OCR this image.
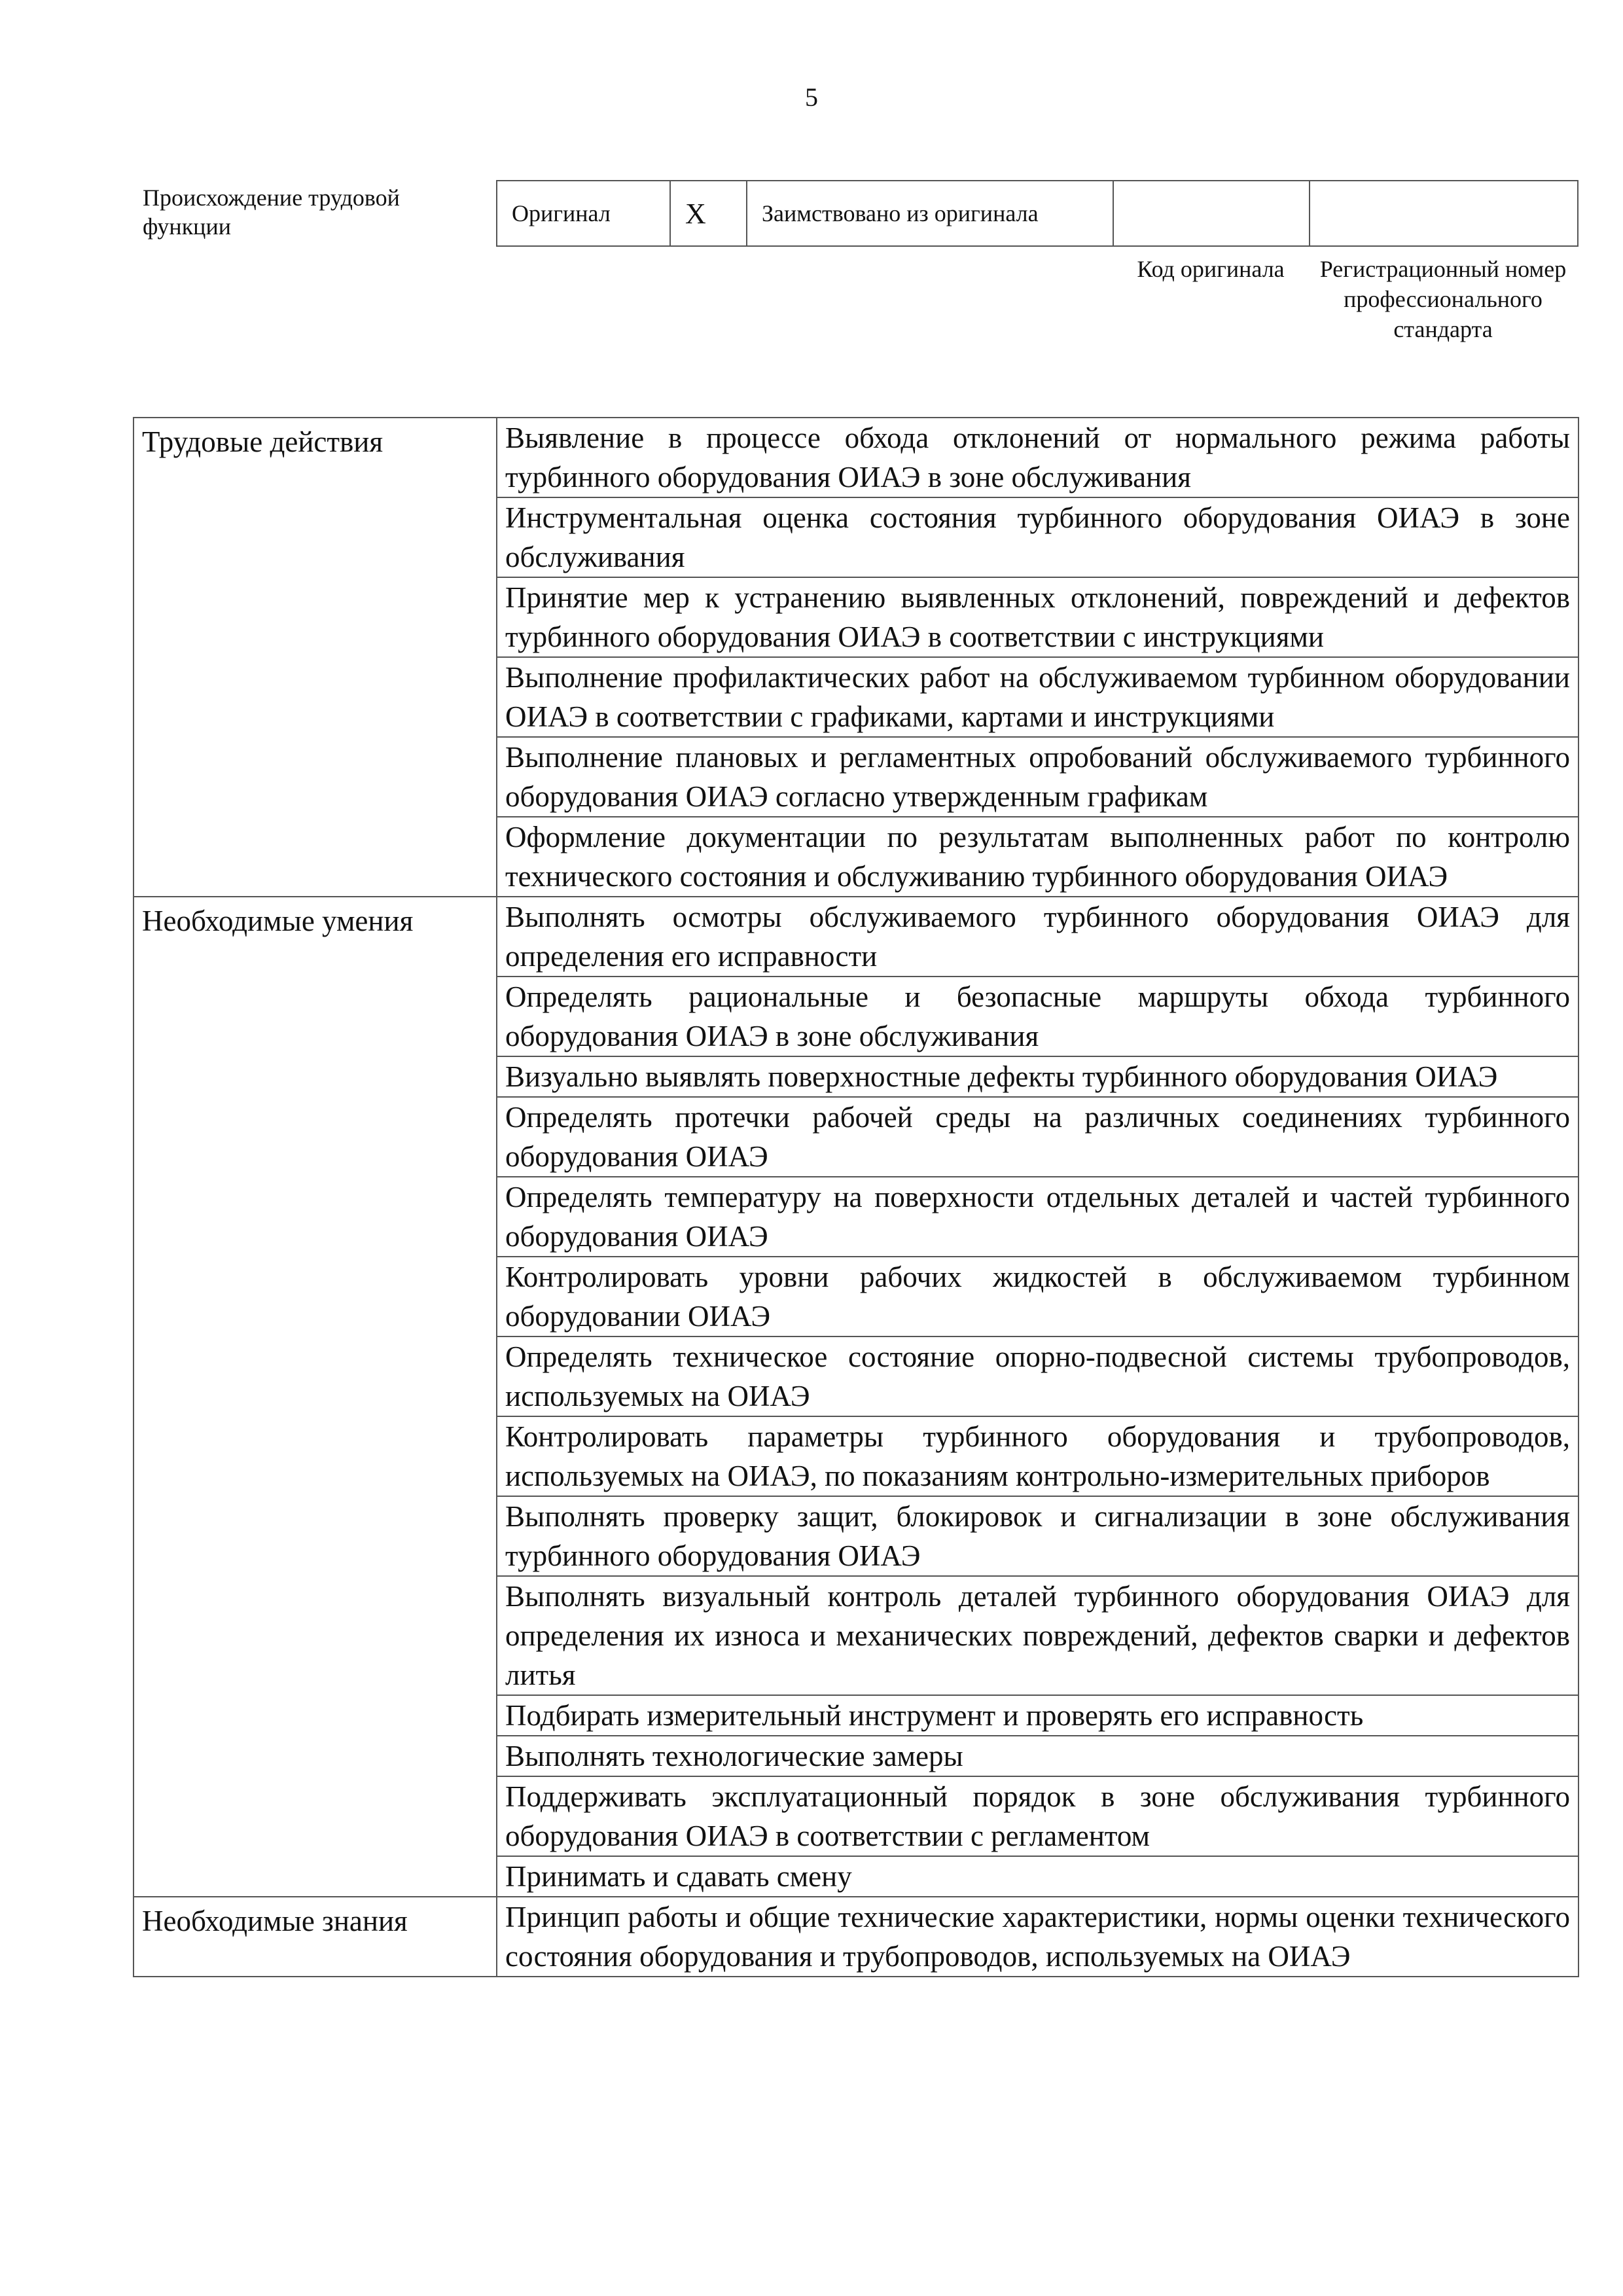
5
Происхождение трудовой функции	Оригинал	X	Заимствовано из оригинала		
Код оригинала	Регистрационный номер профессионального стандарта
Трудовые действия	Выявление в процессе обхода отклонений от нормального режима работы турбинного оборудования ОИАЭ в зоне обслуживания
	Инструментальная оценка состояния турбинного оборудования ОИАЭ в зоне обслуживания
	Принятие мер к устранению выявленных отклонений, повреждений и дефектов турбинного оборудования ОИАЭ в соответствии с инструкциями
	Выполнение профилактических работ на обслуживаемом турбинном оборудовании ОИАЭ в соответствии с графиками, картами и инструкциями
	Выполнение плановых и регламентных опробований обслуживаемого турбинного оборудования ОИАЭ согласно утвержденным графикам
	Оформление документации по результатам выполненных работ по контролю технического состояния и обслуживанию турбинного оборудования ОИАЭ
Необходимые умения	Выполнять осмотры обслуживаемого турбинного оборудования ОИАЭ для определения его исправности
	Определять рациональные и безопасные маршруты обхода турбинного оборудования ОИАЭ в зоне обслуживания
	Визуально выявлять поверхностные дефекты турбинного оборудования ОИАЭ
	Определять протечки рабочей среды на различных соединениях турбинного оборудования ОИАЭ
	Определять температуру на поверхности отдельных деталей и частей турбинного оборудования ОИАЭ
	Контролировать уровни рабочих жидкостей в обслуживаемом турбинном оборудовании ОИАЭ
	Определять техническое состояние опорно-подвесной системы трубопроводов, используемых на ОИАЭ
	Контролировать параметры турбинного оборудования и трубопроводов, используемых на ОИАЭ, по показаниям контрольно-измерительных приборов
	Выполнять проверку защит, блокировок и сигнализации в зоне обслуживания турбинного оборудования ОИАЭ
	Выполнять визуальный контроль деталей турбинного оборудования ОИАЭ для определения их износа и механических повреждений, дефектов сварки и дефектов литья
	Подбирать измерительный инструмент и проверять его исправность
	Выполнять технологические замеры
	Поддерживать эксплуатационный порядок в зоне обслуживания турбинного оборудования ОИАЭ в соответствии с регламентом
	Принимать и сдавать смену
Необходимые знания	Принцип работы и общие технические характеристики, нормы оценки технического состояния оборудования и трубопроводов, используемых на ОИАЭ
